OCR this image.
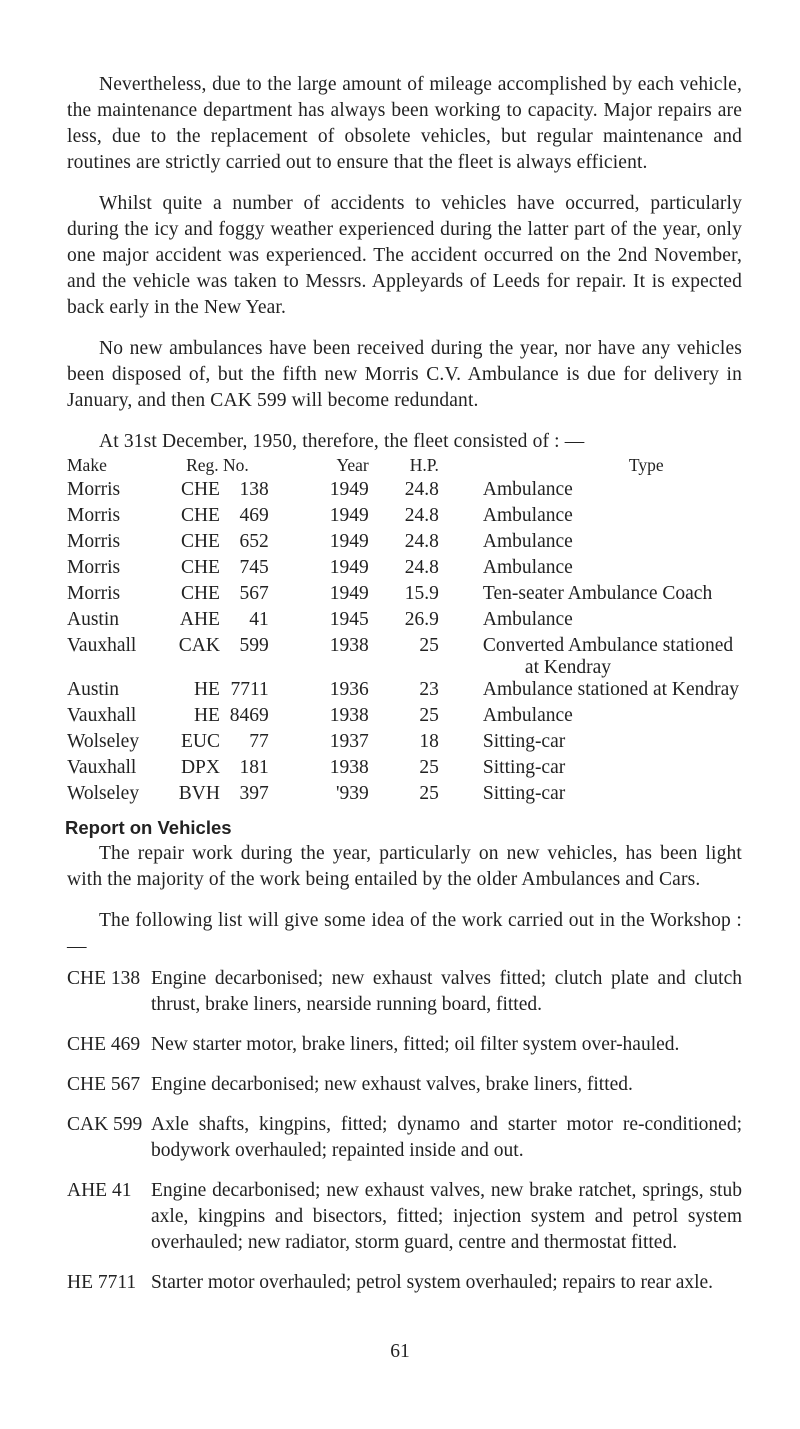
Nevertheless, due to the large amount of mileage accomplished by each vehicle, the maintenance department has always been working to capacity. Major repairs are less, due to the replacement of obsolete vehicles, but regular maintenance and routines are strictly carried out to ensure that the fleet is always efficient.

Whilst quite a number of accidents to vehicles have occurred, particularly during the icy and foggy weather experienced during the latter part of the year, only one major accident was experienced. The accident occurred on the 2nd November, and the vehicle was taken to Messrs. Appleyards of Leeds for repair. It is expected back early in the New Year.

No new ambulances have been received during the year, nor have any vehicles been disposed of, but the fifth new Morris C.V. Ambulance is due for delivery in January, and then CAK 599 will become redundant.

At 31st December, 1950, therefore, the fleet consisted of : —

Make	Reg. No.		Year	H.P.	Type
Morris	CHE	138	1949	24.8	Ambulance
Morris	CHE	469	1949	24.8	Ambulance
Morris	CHE	652	1949	24.8	Ambulance
Morris	CHE	745	1949	24.8	Ambulance
Morris	CHE	567	1949	15.9	Ten-seater Ambulance Coach
Austin	AHE	41	1945	26.9	Ambulance
Vauxhall	CAK	599	1938	25	Converted Ambulance stationed
at Kendray

Austin	HE	7711	1936	23	Ambulance stationed at Kendray
Vauxhall	HE	8469	1938	25	Ambulance
Wolseley	EUC	77	1937	18	Sitting-car
Vauxhall	DPX	181	1938	25	Sitting-car
Wolseley	BVH	397	'939	25	Sitting-car
Report on Vehicles

The repair work during the year, particularly on new vehicles, has been light with the majority of the work being entailed by the older Ambulances and Cars.

The following list will give some idea of the work carried out in the Workshop : —

CHE 138 Engine decarbonised; new exhaust valves fitted; clutch plate and clutch thrust, brake liners, nearside running board, fitted.
CHE 469 New starter motor, brake liners, fitted; oil filter system over-hauled.
CHE 567 Engine decarbonised; new exhaust valves, brake liners, fitted.
CAK 599 Axle shafts, kingpins, fitted; dynamo and starter motor re-conditioned; bodywork overhauled; repainted inside and out.
AHE 41	Engine decarbonised; new exhaust valves, new brake ratchet, springs, stub axle, kingpins and bisectors, fitted; injection system and petrol system overhauled; new radiator, storm guard, centre and thermostat fitted.
HE 7711 Starter motor overhauled; petrol system overhauled; repairs to rear axle.
61
